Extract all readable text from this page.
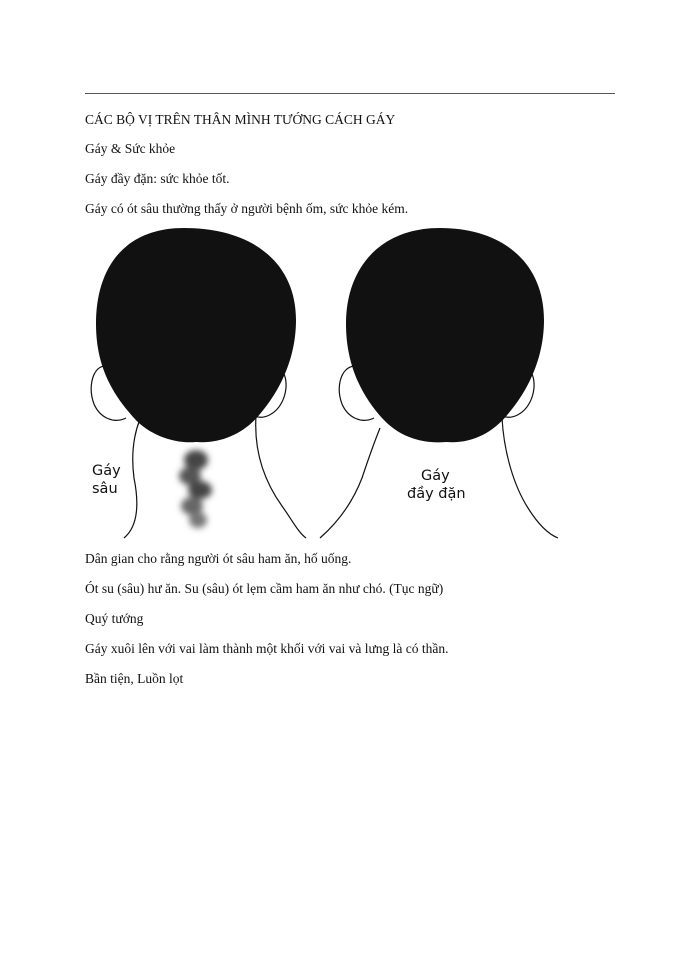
CÁC BỘ VỊ TRÊN THÂN MÌNH TƯỚNG CÁCH GÁY
Gáy & Sức khỏe
Gáy đầy đặn: sức khỏe tốt.
Gáy có ót sâu thường thấy ở người bệnh ốm, sức khỏe kém.
Gáy
sâu
Gáy
đầy đặn
Dân gian cho rằng người ót sâu ham ăn, hố uống.
Ót su (sâu) hư ăn. Su (sâu) ót lẹm cầm ham ăn như chó. (Tục ngữ)
Quý tướng
Gáy xuôi lên với vai làm thành một khối với vai và lưng là có thần.
Bần tiện, Luồn lọt
